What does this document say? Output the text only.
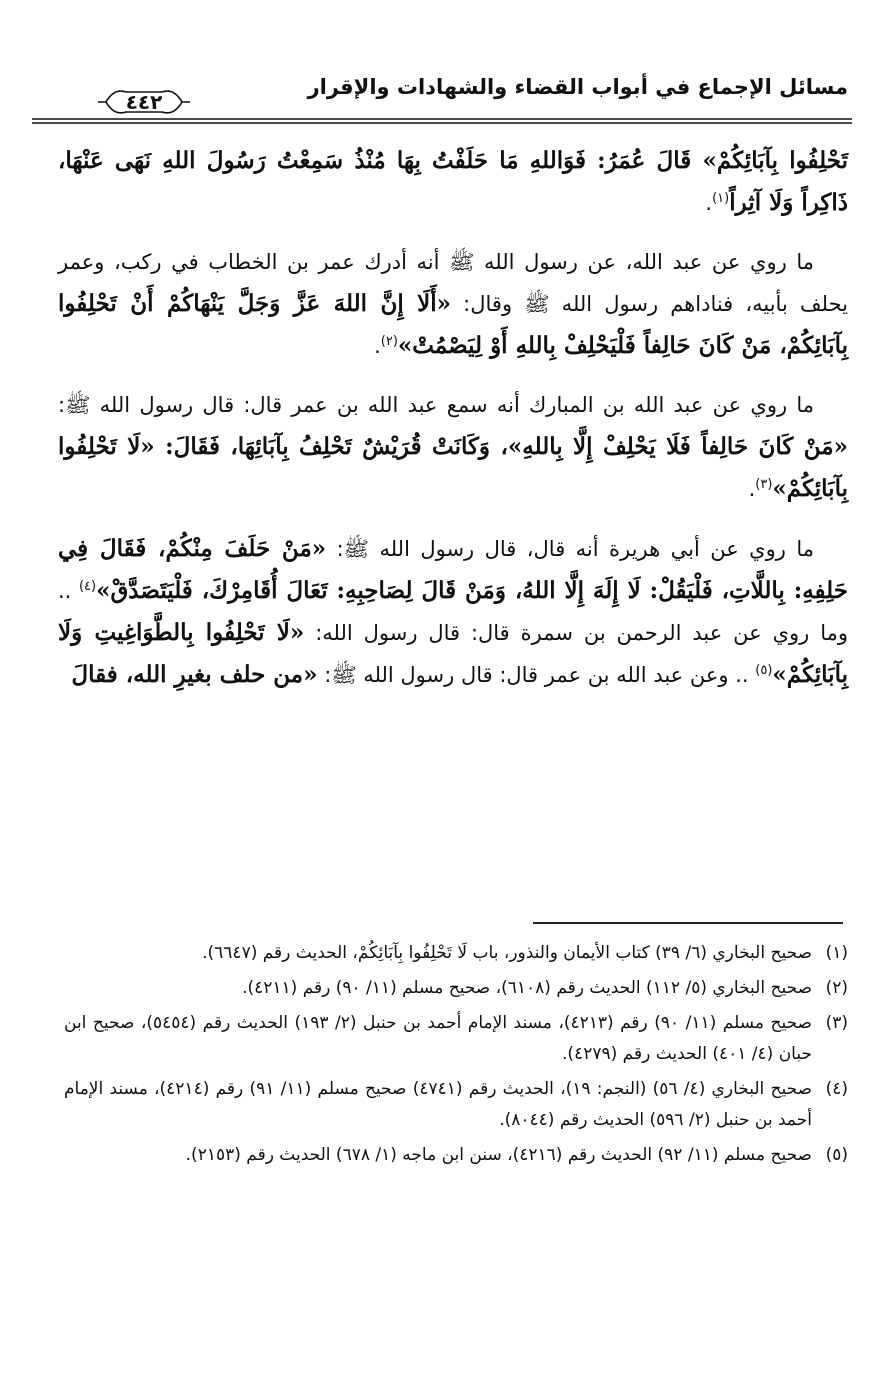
مسائل الإجماع في أبواب القضاء والشهادات والإقرار
٤٤٢

تَحْلِفُوا بِآبَائِكُمْ» قَالَ عُمَرُ: فَوَاللهِ مَا حَلَفْتُ بِهَا مُنْذُ سَمِعْتُ رَسُولَ اللهِ نَهَى عَنْهَا، ذَاكِراً وَلَا آثِراً$^{(١)}$.

ما روي عن عبد الله، عن رسول الله ﷺ أنه أدرك عمر بن الخطاب في ركب، وعمر يحلف بأبيه، فناداهم رسول الله ﷺ وقال: «أَلَا إِنَّ اللهَ عَزَّ وَجَلَّ يَنْهَاكُمْ أَنْ تَحْلِفُوا بِآبَائِكُمْ، مَنْ كَانَ حَالِفاً فَلْيَحْلِفْ بِاللهِ أَوْ لِيَصْمُتْ»$^{(٢)}$.

ما روي عن عبد الله بن المبارك أنه سمع عبد الله بن عمر قال: قال رسول الله ﷺ: «مَنْ كَانَ حَالِفاً فَلَا يَحْلِفْ إِلَّا بِاللهِ»، وَكَانَتْ قُرَيْشٌ تَحْلِفُ بِآبَائِهَا، فَقَالَ: «لَا تَحْلِفُوا بِآبَائِكُمْ»$^{(٣)}$.

ما روي عن أبي هريرة أنه قال، قال رسول الله ﷺ: «مَنْ حَلَفَ مِنْكُمْ، فَقَالَ فِي حَلِفِهِ: بِاللَّاتِ، فَلْيَقُلْ: لَا إِلَهَ إِلَّا اللهُ، وَمَنْ قَالَ لِصَاحِبِهِ: تَعَالَ أُقَامِرْكَ، فَلْيَتَصَدَّقْ»$^{(٤)}$ .. وما روي عن عبد الرحمن بن سمرة قال: قال رسول الله: «لَا تَحْلِفُوا بِالطَّوَاغِيتِ وَلَا بِآبَائِكُمْ»$^{(٥)}$ .. وعن عبد الله بن عمر قال: قال رسول الله ﷺ: «من حلف بغيرِ الله، فقالَ

(١)
صحيح البخاري (٦/ ٣٩) كتاب الأيمان والنذور، باب لَا تَحْلِفُوا بِآبَائِكُمْ، الحديث رقم (٦٦٤٧).
(٢)
صحيح البخاري (٥/ ١١٢) الحديث رقم (٦١٠٨)، صحيح مسلم (١١/ ٩٠) رقم (٤٢١١).
(٣)
صحيح مسلم (١١/ ٩٠) رقم (٤٢١٣)، مسند الإمام أحمد بن حنبل (٢/ ١٩٣) الحديث رقم (٥٤٥٤)، صحيح ابن حبان (٤/ ٤٠١) الحديث رقم (٤٢٧٩).
(٤)
صحيح البخاري (٤/ ٥٦) (النجم: ١٩)، الحديث رقم (٤٧٤١) صحيح مسلم (١١/ ٩١) رقم (٤٢١٤)، مسند الإمام أحمد بن حنبل (٢/ ٥٩٦) الحديث رقم (٨٠٤٤).
(٥)
صحيح مسلم (١١/ ٩٢) الحديث رقم (٤٢١٦)، سنن ابن ماجه (١/ ٦٧٨) الحديث رقم (٢١٥٣).
